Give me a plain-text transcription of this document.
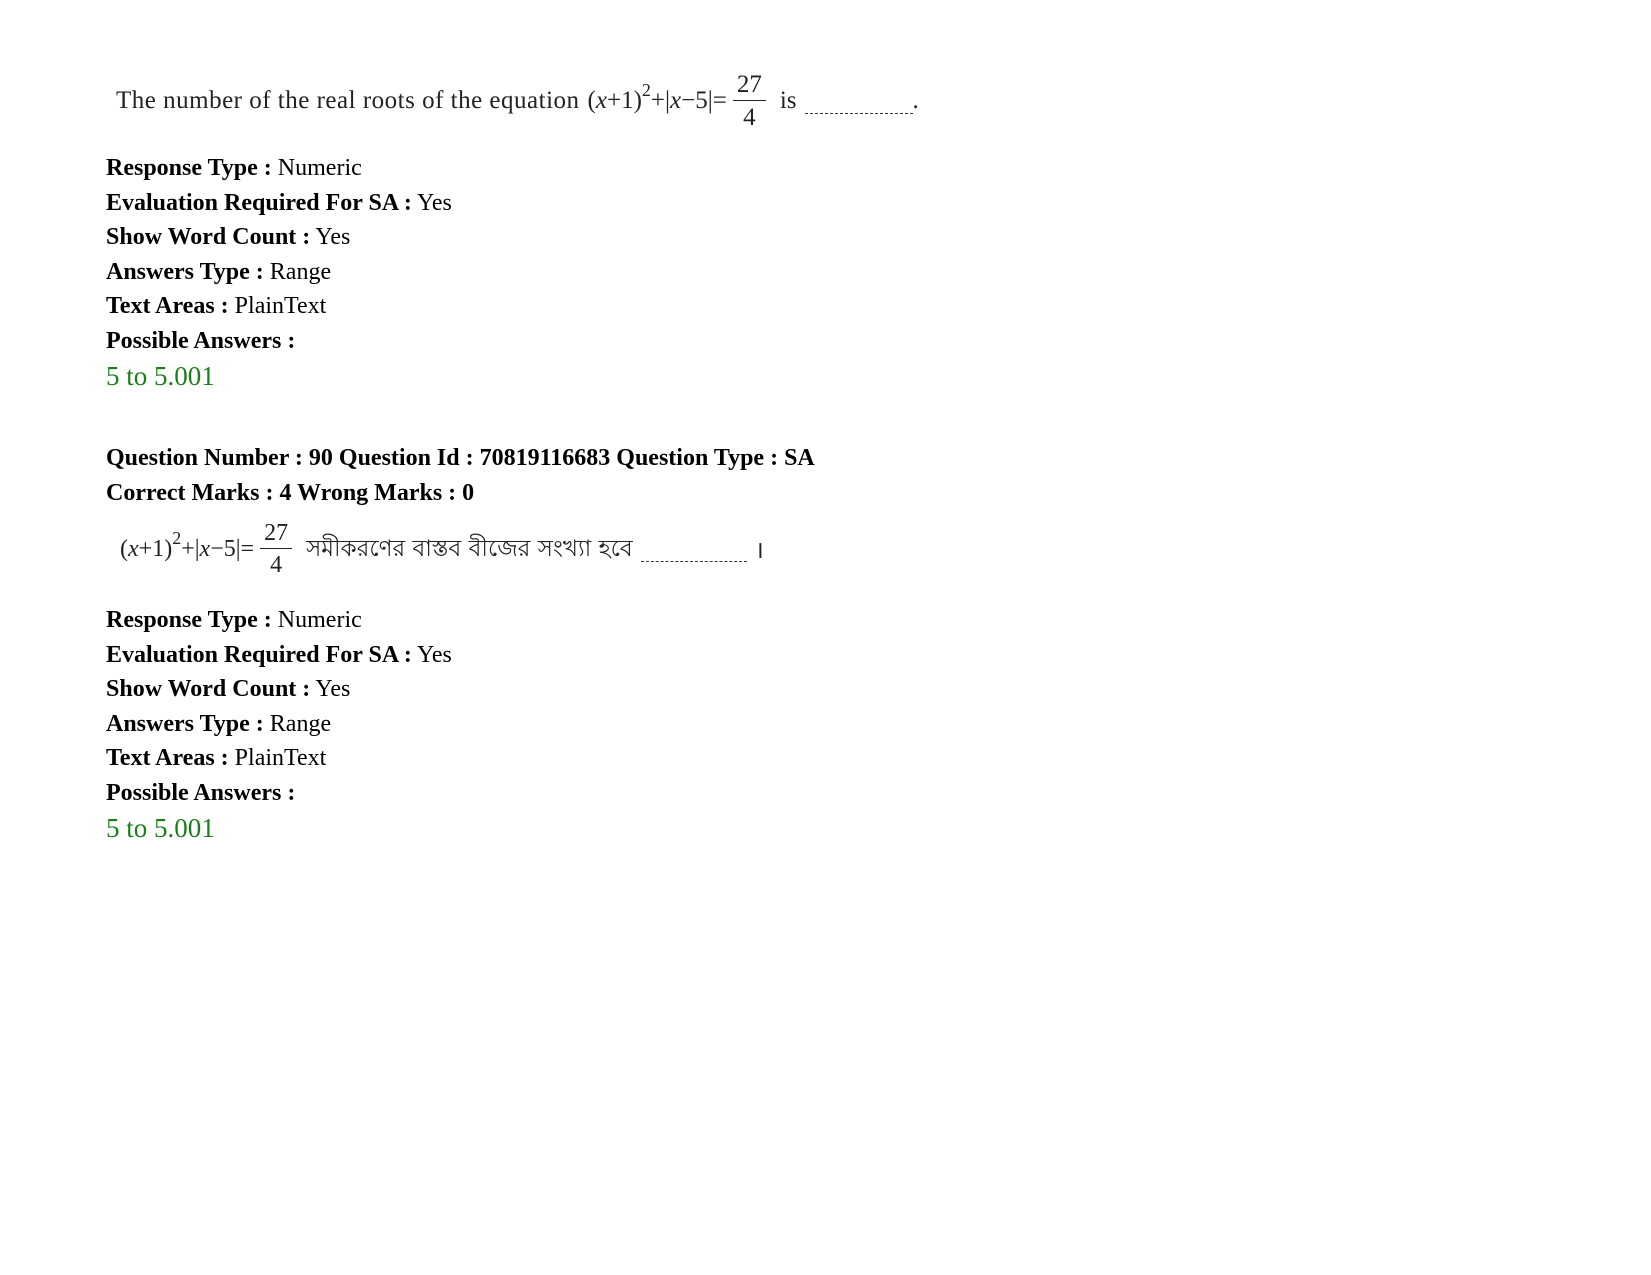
The number of the real roots of the equation $(x+1)^2+|x-5|= \frac{27}{4}$ is	.
Response Type : Numeric
Evaluation Required For SA : Yes
Show Word Count : Yes
Answers Type : Range
Text Areas : PlainText
Possible Answers :
5 to 5.001
Question Number : 90 Question Id : 70819116683 Question Type : SA
Correct Marks : 4 Wrong Marks : 0
$(x+1)^2+|x-5|= \frac{27}{4}$ সমীকরণের বাস্তব বীজের সংখ্যা হবে	।
Response Type : Numeric
Evaluation Required For SA : Yes
Show Word Count : Yes
Answers Type : Range
Text Areas : PlainText
Possible Answers :
5 to 5.001
